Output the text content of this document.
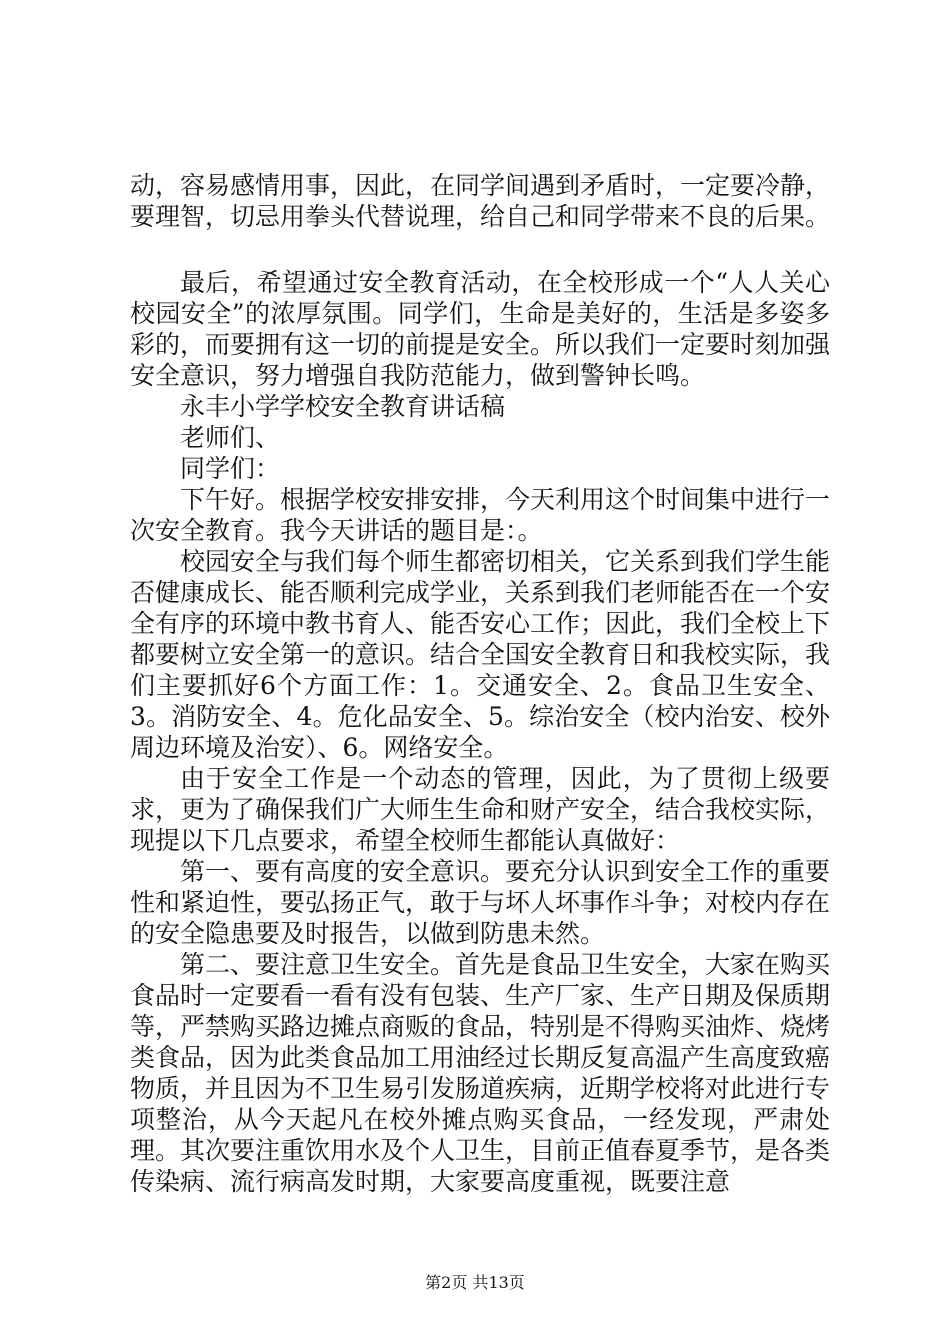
动，容易感情用事，因此，在同学间遇到矛盾时，一定要冷静，要理智，切忌用拳头代替说理，给自己和同学带来不良的后果。

最后，希望通过安全教育活动，在全校形成一个“人人关心校园安全”的浓厚氛围。同学们，生命是美好的，生活是多姿多彩的，而要拥有这一切的前提是安全。所以我们一定要时刻加强安全意识，努力增强自我防范能力，做到警钟长鸣。

永丰小学学校安全教育讲话稿

老师们、

同学们：

下午好。根据学校安排安排，今天利用这个时间集中进行一次安全教育。我今天讲话的题目是：。

校园安全与我们每个师生都密切相关，它关系到我们学生能否健康成长、能否顺利完成学业，关系到我们老师能否在一个安全有序的环境中教书育人、能否安心工作；因此，我们全校上下都要树立安全第一的意识。结合全国安全教育日和我校实际，我们主要抓好6个方面工作：1。交通安全、2。食品卫生安全、3。消防安全、4。危化品安全、5。综治安全（校内治安、校外周边环境及治安）、6。网络安全。

由于安全工作是一个动态的管理，因此，为了贯彻上级要求，更为了确保我们广大师生生命和财产安全，结合我校实际，现提以下几点要求，希望全校师生都能认真做好：

第一、要有高度的安全意识。要充分认识到安全工作的重要性和紧迫性，要弘扬正气，敢于与坏人坏事作斗争；对校内存在的安全隐患要及时报告，以做到防患未然。

第二、要注意卫生安全。首先是食品卫生安全，大家在购买食品时一定要看一看有没有包装、生产厂家、生产日期及保质期等，严禁购买路边摊点商贩的食品，特别是不得购买油炸、烧烤类食品，因为此类食品加工用油经过长期反复高温产生高度致癌物质，并且因为不卫生易引发肠道疾病，近期学校将对此进行专项整治，从今天起凡在校外摊点购买食品，一经发现，严肃处理。其次要注重饮用水及个人卫生，目前正值春夏季节，是各类传染病、流行病高发时期，大家要高度重视，既要注意

第2页 共13页
